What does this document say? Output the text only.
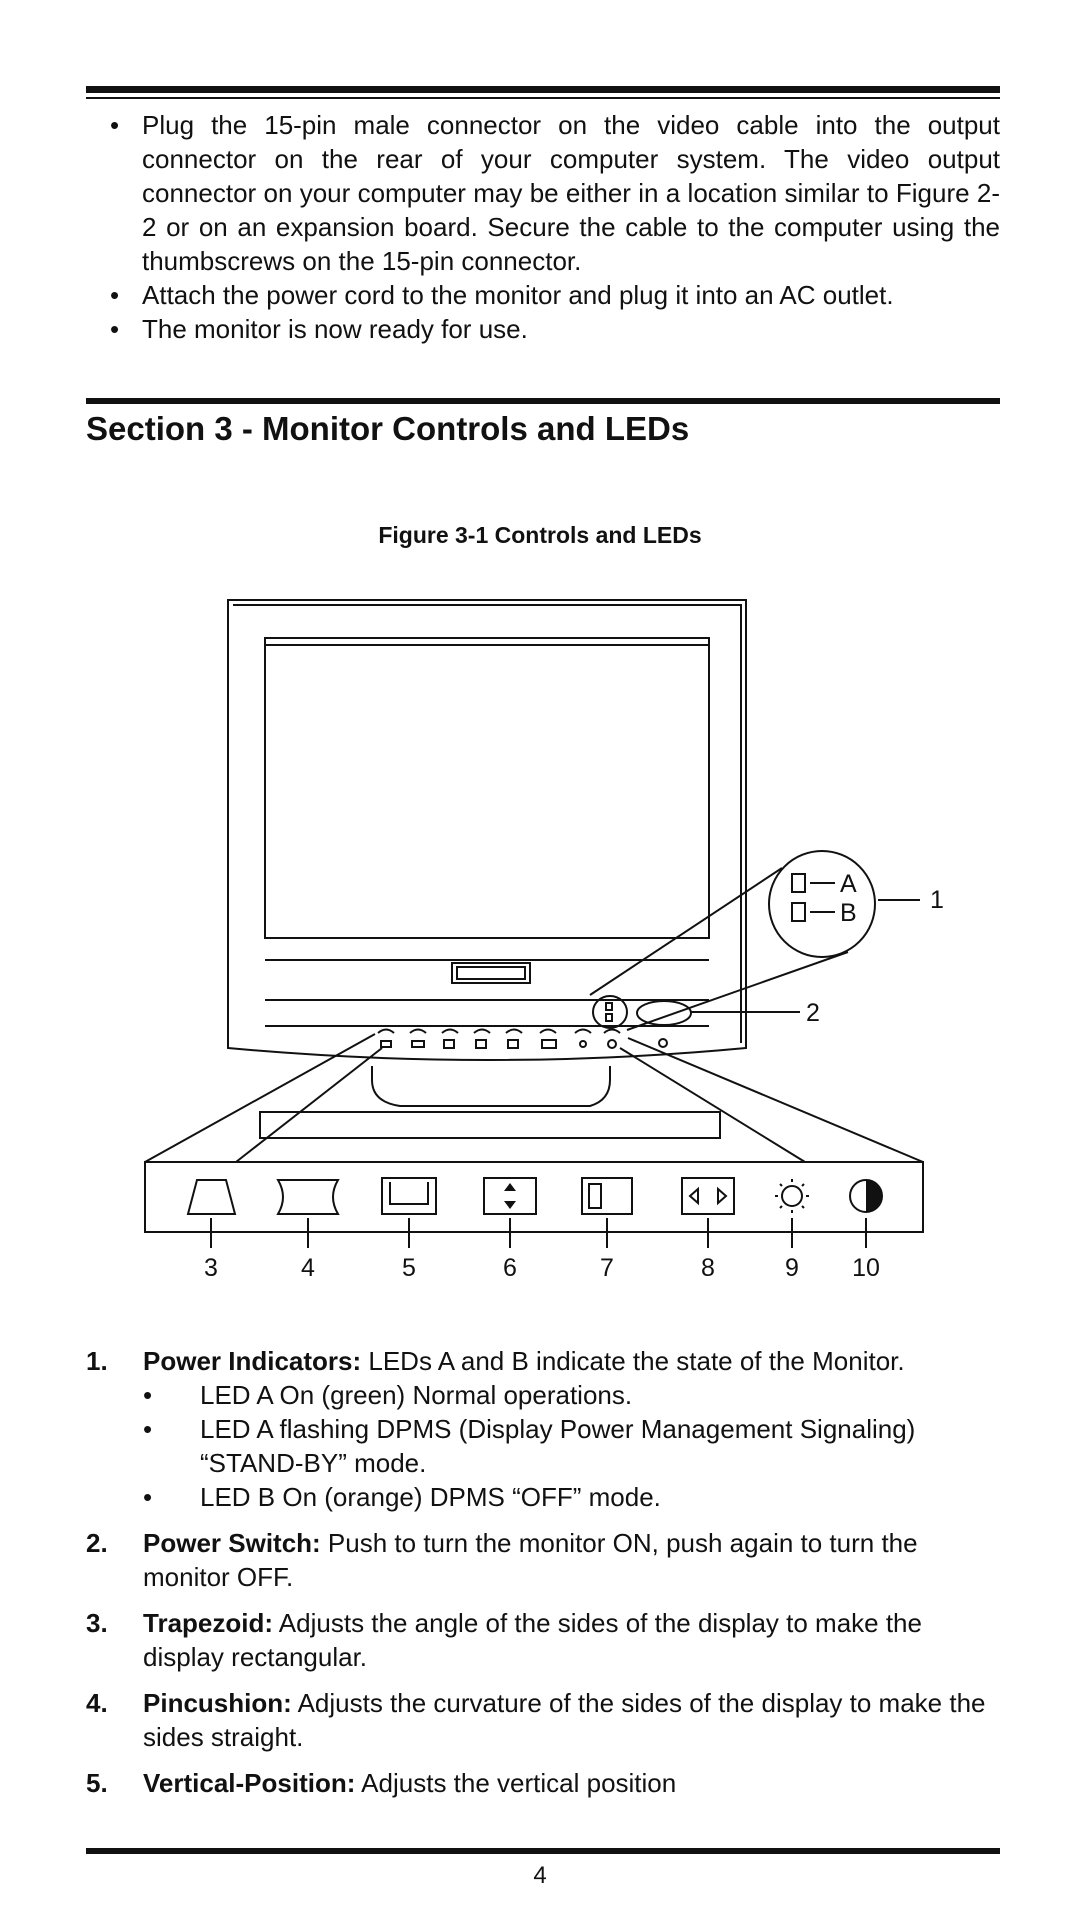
• Plug the 15-pin male connector on the video cable into the output connector on the rear of your computer system. The video output connector on your computer may be either in a location similar to Figure 2-2 or on an expansion board. Secure the cable to the computer using the thumbscrews on the 15-pin connector.
• Attach the power cord to the monitor and plug it into an AC outlet.
• The monitor is now ready for use.
Section 3 - Monitor Controls and LEDs
Figure 3-1 Controls and LEDs
A
B	1
2
3	4	5	6	7	8	9 10
1.	Power Indicators: LEDs A and B indicate the state of the Monitor.
•	LED A On (green) Normal operations.
•	LED A flashing DPMS (Display Power Management Signaling) “STAND-BY” mode.
•	LED B On (orange) DPMS “OFF” mode.
2.	Power Switch: Push to turn the monitor ON, push again to turn the monitor OFF.
3.	Trapezoid: Adjusts the angle of the sides of the display to make the display rectangular.
4.	Pincushion: Adjusts the curvature of the sides of the display to make the sides straight.
5.	Vertical-Position: Adjusts the vertical position
4
